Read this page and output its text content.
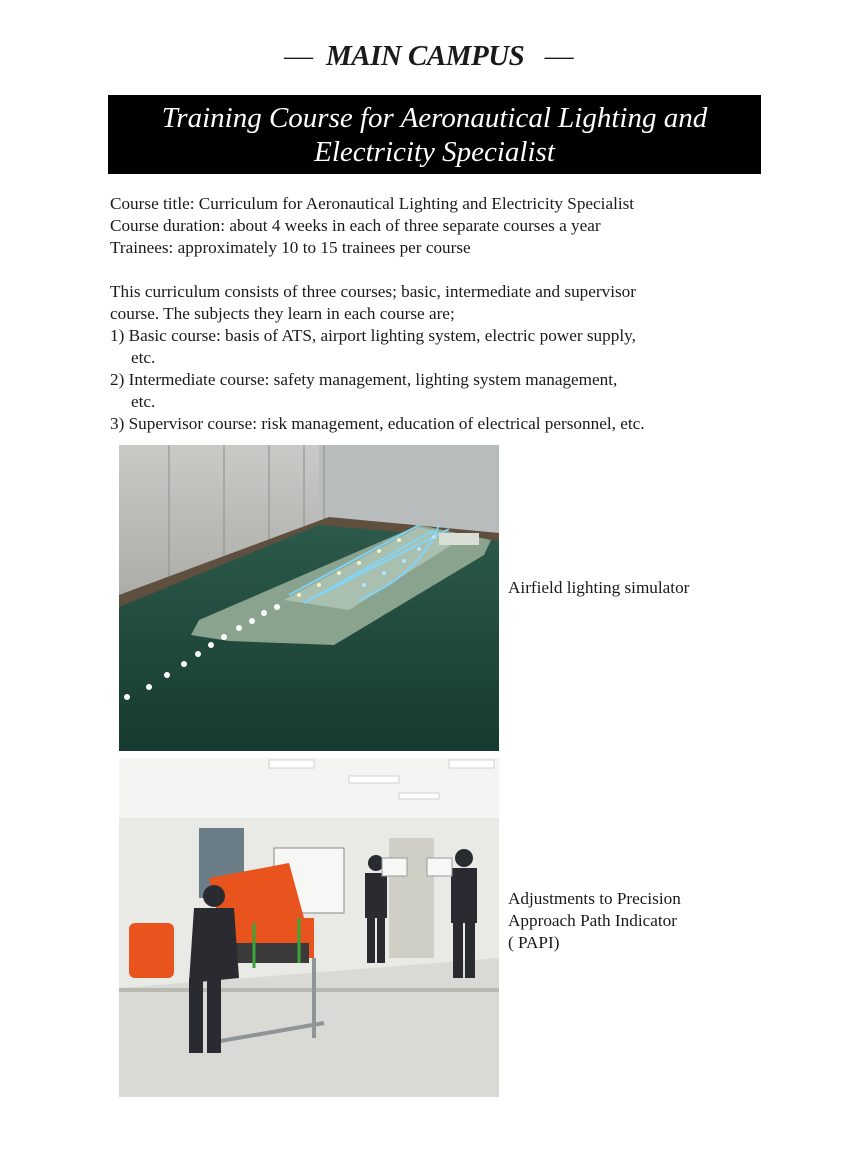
— MAIN CAMPUS —
Training Course for Aeronautical Lighting and
Electricity Specialist
Course title: Curriculum for Aeronautical Lighting and Electricity Specialist
Course duration: about 4 weeks in each of three separate courses a year
Trainees: approximately 10 to 15 trainees per course
This curriculum consists of three courses; basic, intermediate and supervisor
course. The subjects they learn in each course are;
1) Basic course: basis of ATS, airport lighting system, electric power supply,
etc.
2) Intermediate course: safety management, lighting system management,
etc.
3) Supervisor course: risk management, education of electrical personnel, etc.
Airfield lighting simulator
Adjustments to Precision
Approach Path Indicator
( PAPI)
